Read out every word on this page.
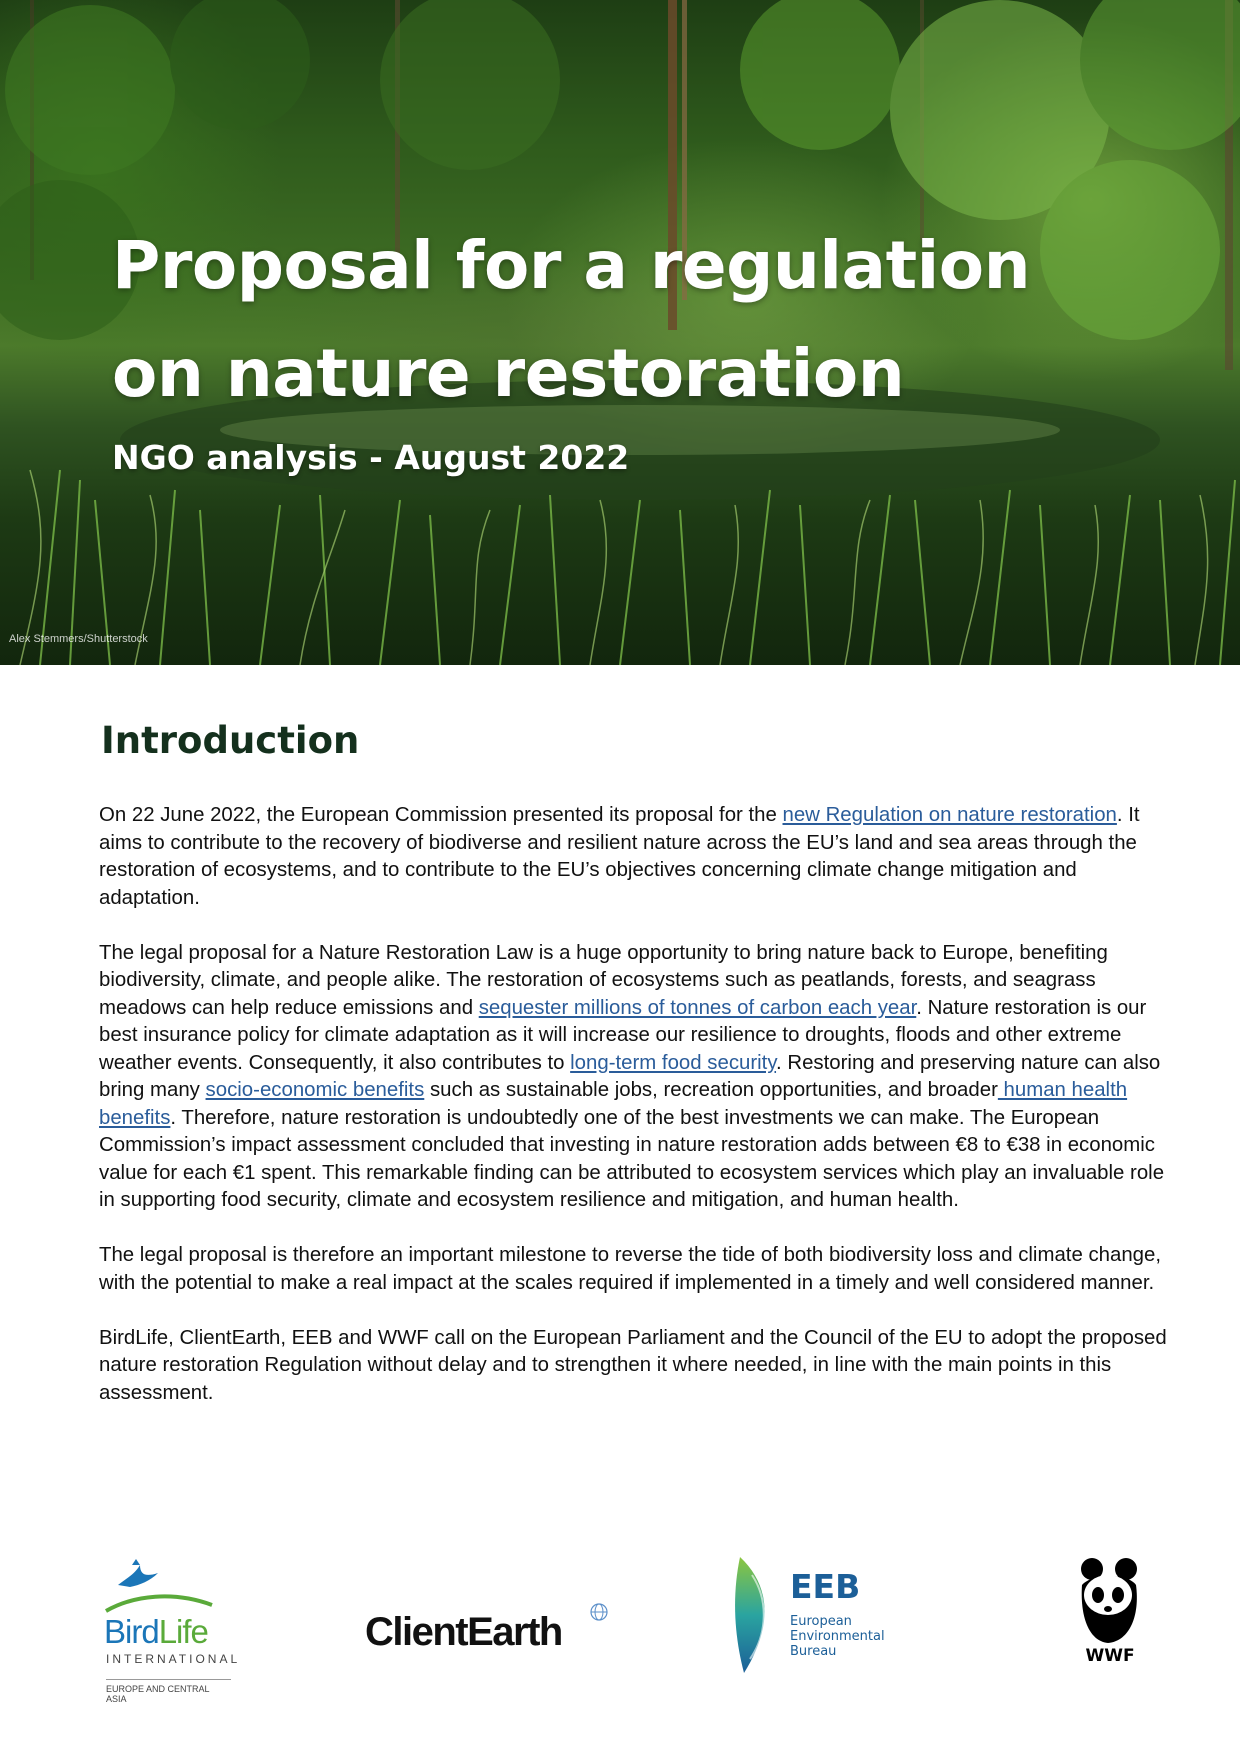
Proposal for a regulation
on nature restoration

NGO analysis - August 2022

Alex Stemmers/Shutterstock

Introduction

On 22 June 2022, the European Commission presented its proposal for the new Regulation on nature restoration. It aims to contribute to the recovery of biodiverse and resilient nature across the EU’s land and sea areas through the restoration of ecosystems, and to contribute to the EU’s objectives concerning climate change mitigation and adaptation.

The legal proposal for a Nature Restoration Law is a huge opportunity to bring nature back to Europe, benefiting biodiversity, climate, and people alike. The restoration of ecosystems such as peatlands, forests, and seagrass meadows can help reduce emissions and sequester millions of tonnes of carbon each year. Nature restoration is our best insurance policy for climate adaptation as it will increase our resilience to droughts, floods and other extreme weather events. Consequently, it also contributes to long-term food security. Restoring and preserving nature can also bring many socio-economic benefits such as sustainable jobs, recreation opportunities, and broader human health benefits. Therefore, nature restoration is undoubtedly one of the best investments we can make. The European Commission’s impact assessment concluded that investing in nature restoration adds between €8 to €38 in economic value for each €1 spent. This remarkable finding can be attributed to ecosystem services which play an invaluable role in supporting food security, climate and ecosystem resilience and mitigation, and human health.

The legal proposal is therefore an important milestone to reverse the tide of both biodiversity loss and climate change, with the potential to make a real impact at the scales required if implemented in a timely and well considered manner.

BirdLife, ClientEarth, EEB and WWF call on the European Parliament and the Council of the EU to adopt the proposed nature restoration Regulation without delay and to strengthen it where needed, in line with the main points in this assessment.

BirdLife
INTERNATIONAL
EUROPE AND CENTRAL ASIA
ClientEarth
EEB
European
Environmental
Bureau	WWF
